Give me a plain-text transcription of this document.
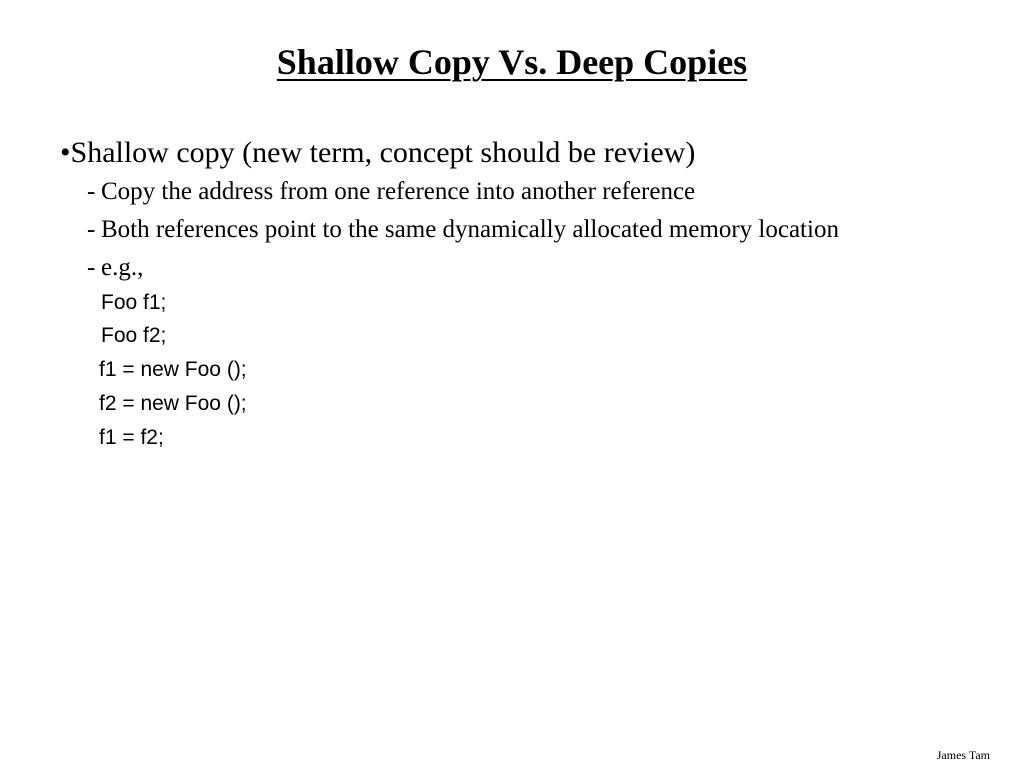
Shallow Copy Vs. Deep Copies
•Shallow copy (new term, concept should be review)
- Copy the address from one reference into another reference
- Both references point to the same dynamically allocated memory location
- e.g.,
Foo f1;
Foo f2;
f1 = new Foo ();
f2 = new Foo ();
f1 = f2;
James Tam
